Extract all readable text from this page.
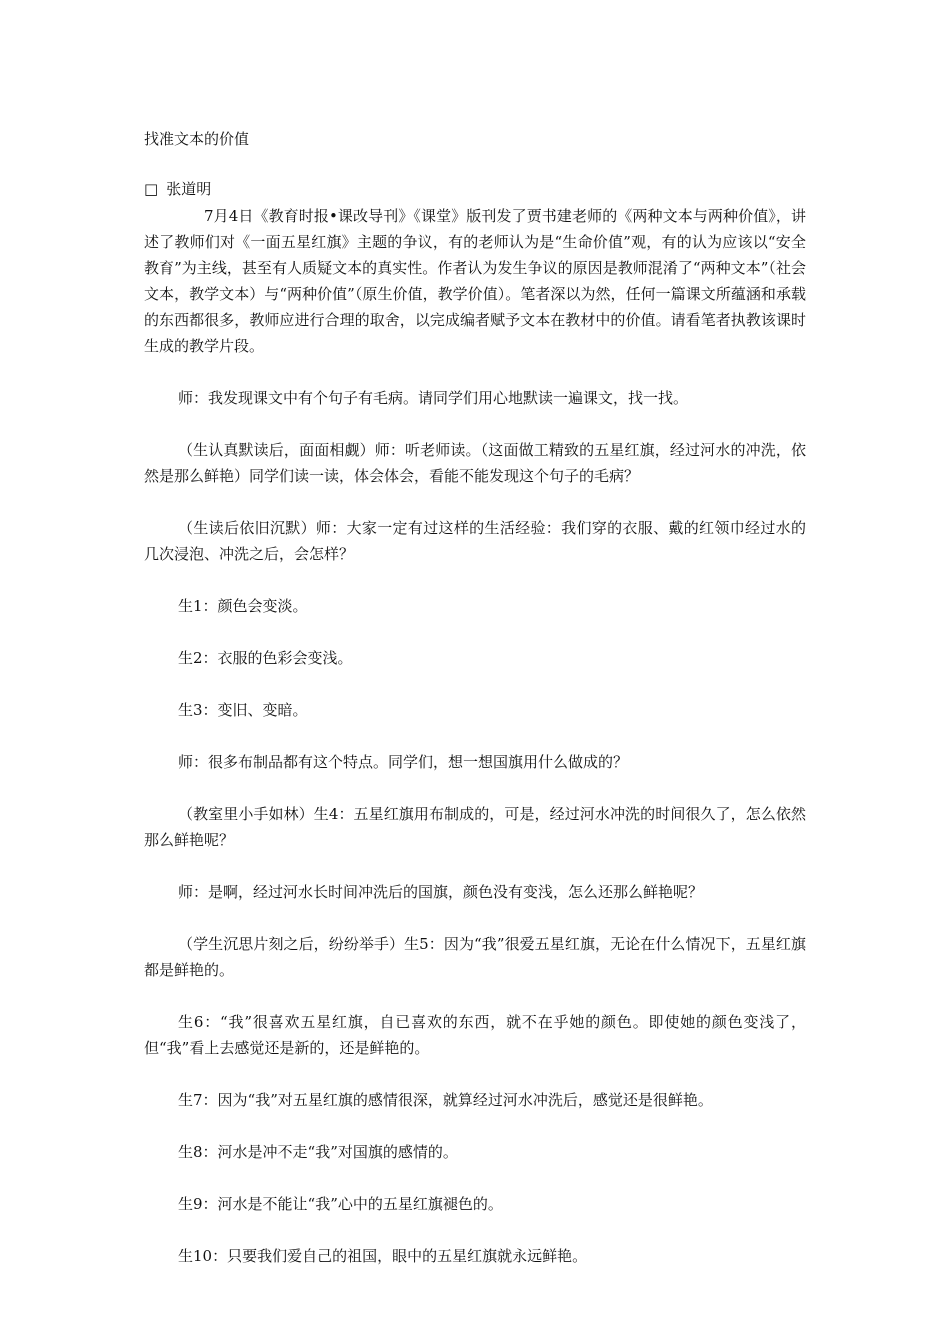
找准文本的价值
□ 张道明

7月4日《教育时报•课改导刊》《课堂》版刊发了贾书建老师的《两种文本与两种价值》，讲述了教师们对《一面五星红旗》主题的争议，有的老师认为是“生命价值”观，有的认为应该以“安全教育”为主线，甚至有人质疑文本的真实性。作者认为发生争议的原因是教师混淆了“两种文本”（社会文本，教学文本）与“两种价值”（原生价值，教学价值）。笔者深以为然，任何一篇课文所蕴涵和承载的东西都很多，教师应进行合理的取舍，以完成编者赋予文本在教材中的价值。请看笔者执教该课时生成的教学片段。

师：我发现课文中有个句子有毛病。请同学们用心地默读一遍课文，找一找。

（生认真默读后，面面相觑）师：听老师读。（这面做工精致的五星红旗，经过河水的冲洗，依然是那么鲜艳）同学们读一读，体会体会，看能不能发现这个句子的毛病？

（生读后依旧沉默）师：大家一定有过这样的生活经验：我们穿的衣服、戴的红领巾经过水的几次浸泡、冲洗之后，会怎样？

生1：颜色会变淡。

生2：衣服的色彩会变浅。

生3：变旧、变暗。

师：很多布制品都有这个特点。同学们，想一想国旗用什么做成的？

（教室里小手如林）生4：五星红旗用布制成的，可是，经过河水冲洗的时间很久了，怎么依然那么鲜艳呢？

师：是啊，经过河水长时间冲洗后的国旗，颜色没有变浅，怎么还那么鲜艳呢？

（学生沉思片刻之后，纷纷举手）生5：因为“我”很爱五星红旗，无论在什么情况下，五星红旗都是鲜艳的。

生6：“我”很喜欢五星红旗，自已喜欢的东西，就不在乎她的颜色。即使她的颜色变浅了，但“我”看上去感觉还是新的，还是鲜艳的。

生7：因为“我”对五星红旗的感情很深，就算经过河水冲洗后，感觉还是很鲜艳。

生8：河水是冲不走“我”对国旗的感情的。

生9：河水是不能让“我”心中的五星红旗褪色的。

生10：只要我们爱自己的祖国，眼中的五星红旗就永远鲜艳。
